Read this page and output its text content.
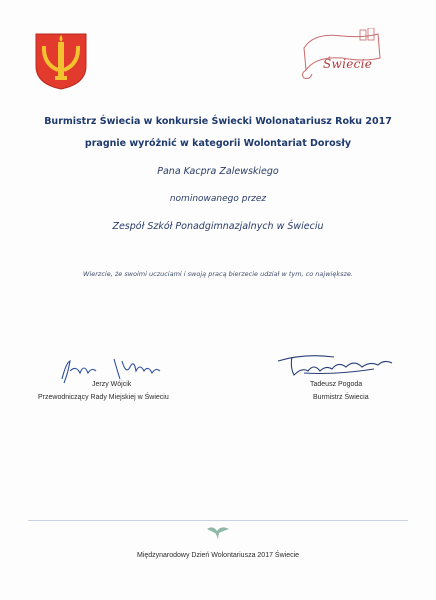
Świecie
Burmistrz Świecia w konkursie Świecki Wolonatariusz Roku 2017
pragnie wyróżnić w kategorii Wolontariat Dorosły
Pana Kacpra Zalewskiego
nominowanego przez
Zespół Szkół Ponadgimnazjalnych w Świeciu
Wierzcie, że swoimi uczuciami i swoją pracą bierzecie udział w tym, co największe.
Jerzy Wójcik
Przewodniczący Rady Miejskiej w Świeciu
Tadeusz Pogoda
Burmistrz Świecia
Międzynarodowy Dzień Wolontariusza 2017 Świecie
